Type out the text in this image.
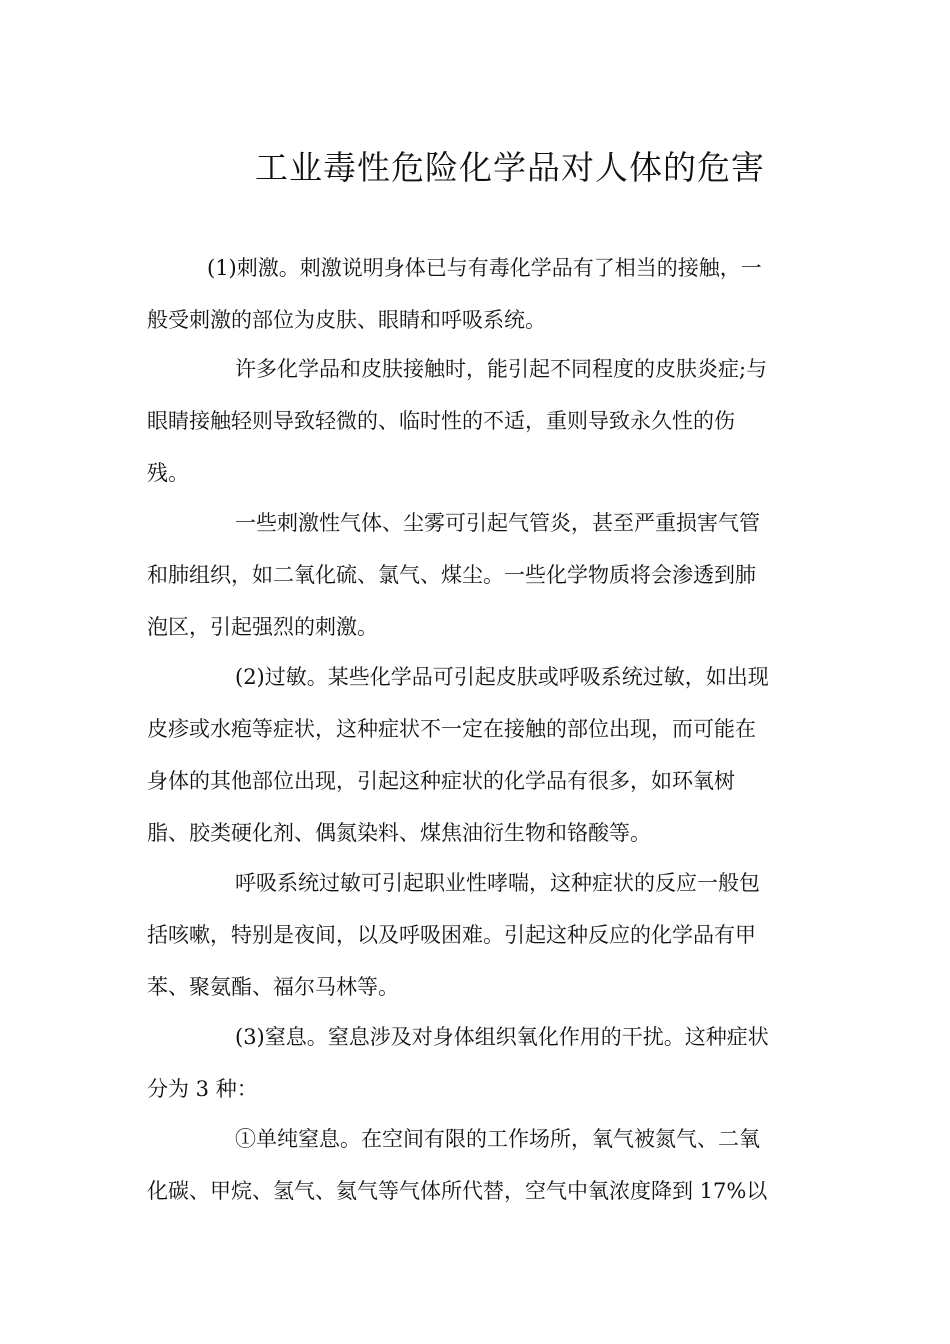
工业毒性危险化学品对人体的危害
(1)刺激。刺激说明身体已与有毒化学品有了相当的接触，一
般受刺激的部位为皮肤、眼睛和呼吸系统。
许多化学品和皮肤接触时，能引起不同程度的皮肤炎症;与
眼睛接触轻则导致轻微的、临时性的不适，重则导致永久性的伤
残。
一些刺激性气体、尘雾可引起气管炎，甚至严重损害气管
和肺组织，如二氧化硫、氯气、煤尘。一些化学物质将会渗透到肺
泡区，引起强烈的刺激。
(2)过敏。某些化学品可引起皮肤或呼吸系统过敏，如出现
皮疹或水疱等症状，这种症状不一定在接触的部位出现，而可能在
身体的其他部位出现，引起这种症状的化学品有很多，如环氧树
脂、胶类硬化剂、偶氮染料、煤焦油衍生物和铬酸等。
呼吸系统过敏可引起职业性哮喘，这种症状的反应一般包
括咳嗽，特别是夜间，以及呼吸困难。引起这种反应的化学品有甲
苯、聚氨酯、福尔马林等。
(3)窒息。窒息涉及对身体组织氧化作用的干扰。这种症状
分为 3 种：
①单纯窒息。在空间有限的工作场所，氧气被氮气、二氧
化碳、甲烷、氢气、氦气等气体所代替，空气中氧浓度降到 17%以
